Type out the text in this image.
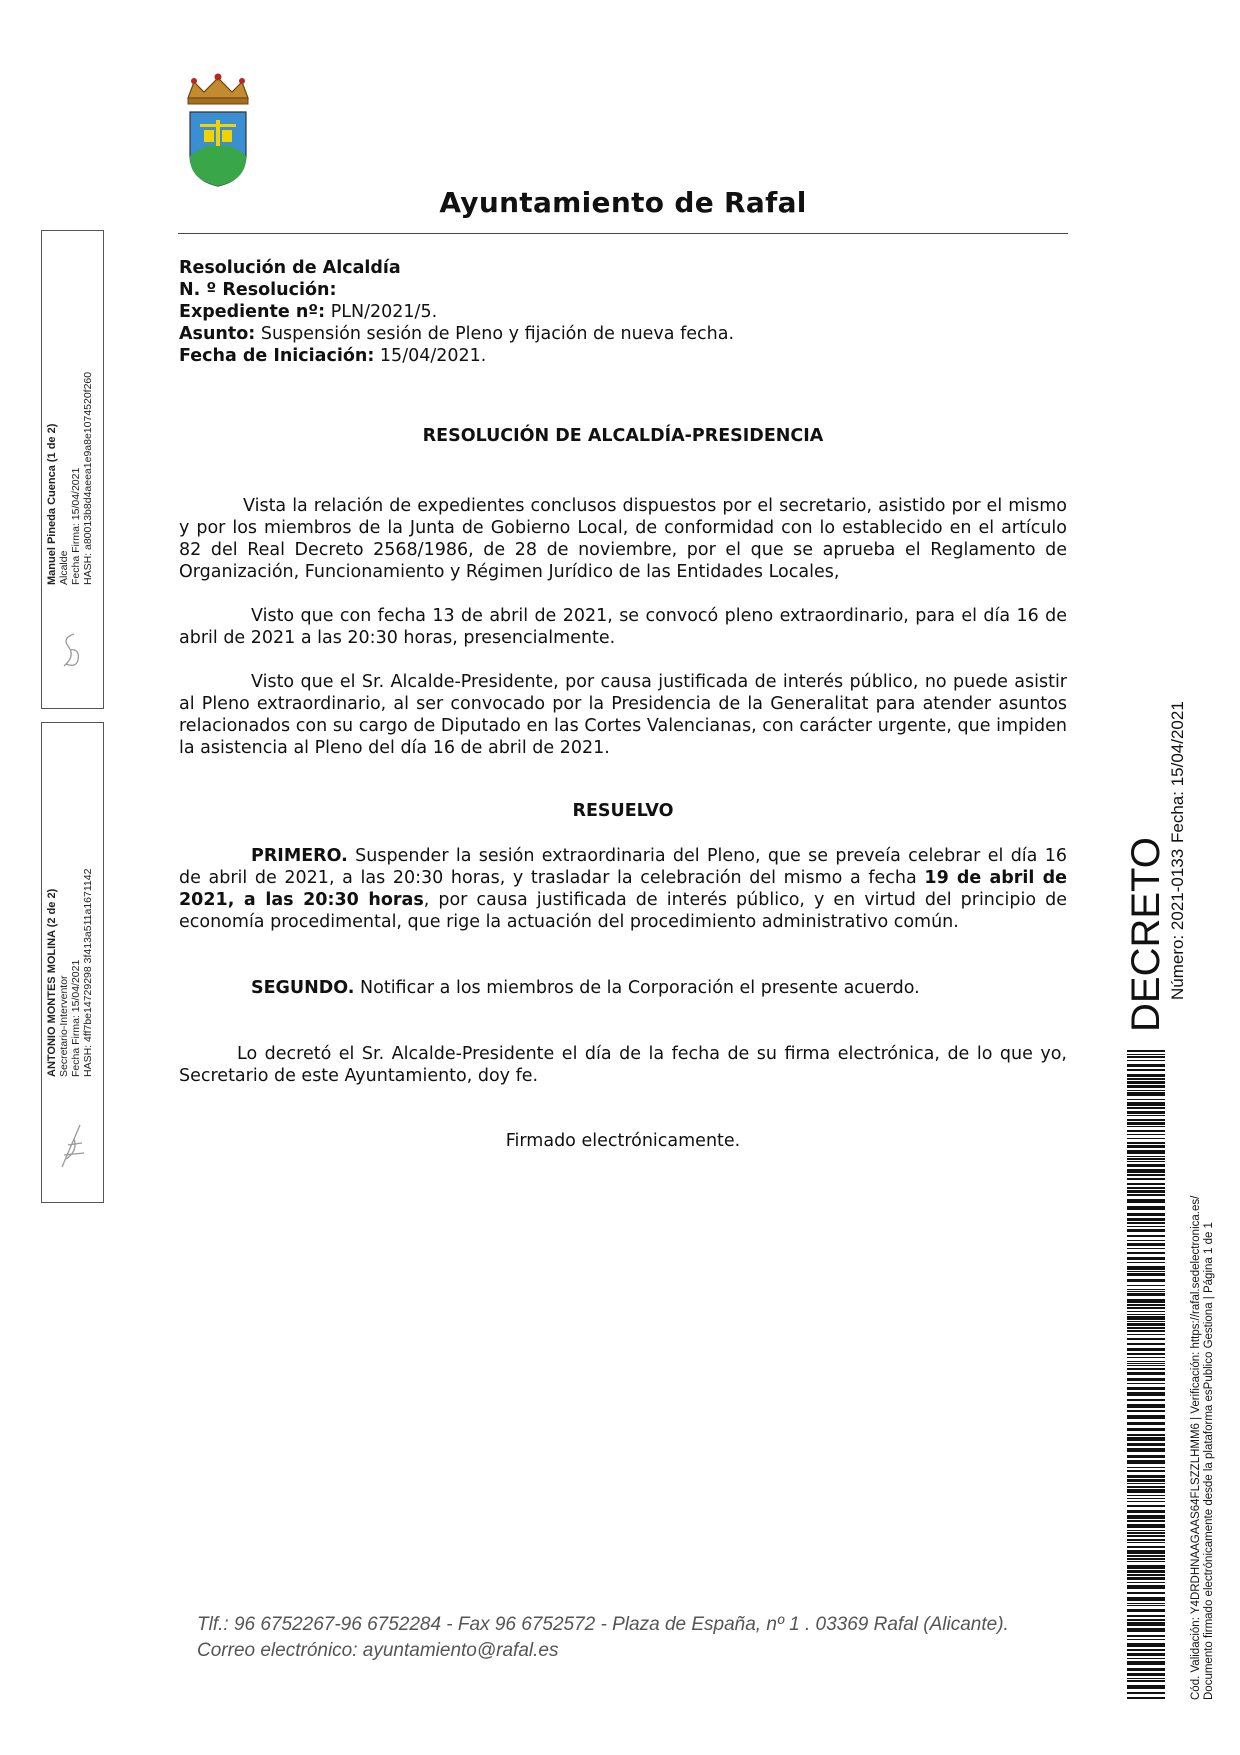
Ayuntamiento de Rafal
Resolución de Alcaldía
N. º Resolución:
Expediente nº: PLN/2021/5.
Asunto: Suspensión sesión de Pleno y fijación de nueva fecha.
Fecha de Iniciación: 15/04/2021.
RESOLUCIÓN DE ALCALDÍA-PRESIDENCIA
Vista la relación de expedientes conclusos dispuestos por el secretario, asistido por el mismo y por los miembros de la Junta de Gobierno Local, de conformidad con lo establecido en el artículo 82 del Real Decreto 2568/1986, de 28 de noviembre, por el que se aprueba el Reglamento de Organización, Funcionamiento y Régimen Jurídico de las Entidades Locales,
Visto que con fecha 13 de abril de 2021, se convocó pleno extraordinario, para el día 16 de abril de 2021 a las 20:30 horas, presencialmente.
Visto que el Sr. Alcalde-Presidente, por causa justificada de interés público, no puede asistir al Pleno extraordinario, al ser convocado por la Presidencia de la Generalitat para atender asuntos relacionados con su cargo de Diputado en las Cortes Valencianas, con carácter urgente, que impiden la asistencia al Pleno del día 16 de abril de 2021.
RESUELVO
PRIMERO. Suspender la sesión extraordinaria del Pleno, que se preveía celebrar el día 16 de abril de 2021, a las 20:30 horas, y trasladar la celebración del mismo a fecha 19 de abril de 2021, a las 20:30 horas, por causa justificada de interés público, y en virtud del principio de economía procedimental, que rige la actuación del procedimiento administrativo común.
SEGUNDO. Notificar a los miembros de la Corporación el presente acuerdo.
Lo decretó el Sr. Alcalde-Presidente el día de la fecha de su firma electrónica, de lo que yo, Secretario de este Ayuntamiento, doy fe.
Firmado electrónicamente.
Manuel Pineda Cuenca (1 de 2) Alcalde Fecha Firma: 15/04/2021 HASH: a80013b8d4aeea1e9a8e1074520f260
ANTONIO MONTES MOLINA (2 de 2) Secretario-Interventor Fecha Firma: 15/04/2021 HASH: 4ff7be14729298 3f413a511a1671142	DECRETO Número: 2021-0133
Fecha: 15/04/2021
Cód. Validación: Y4DRDHNAAGAAS64FLSZZLHMM6 | Verificación: https://rafal.sedelectronica.es/ Documento firmado electrónicamente desde la plataforma esPublico Gestiona | Página 1 de 1
Tlf.: 96 6752267-96 6752284 - Fax 96 6752572 - Plaza de España, nº 1 . 03369 Rafal (Alicante).
Correo electrónico: ayuntamiento@rafal.es
